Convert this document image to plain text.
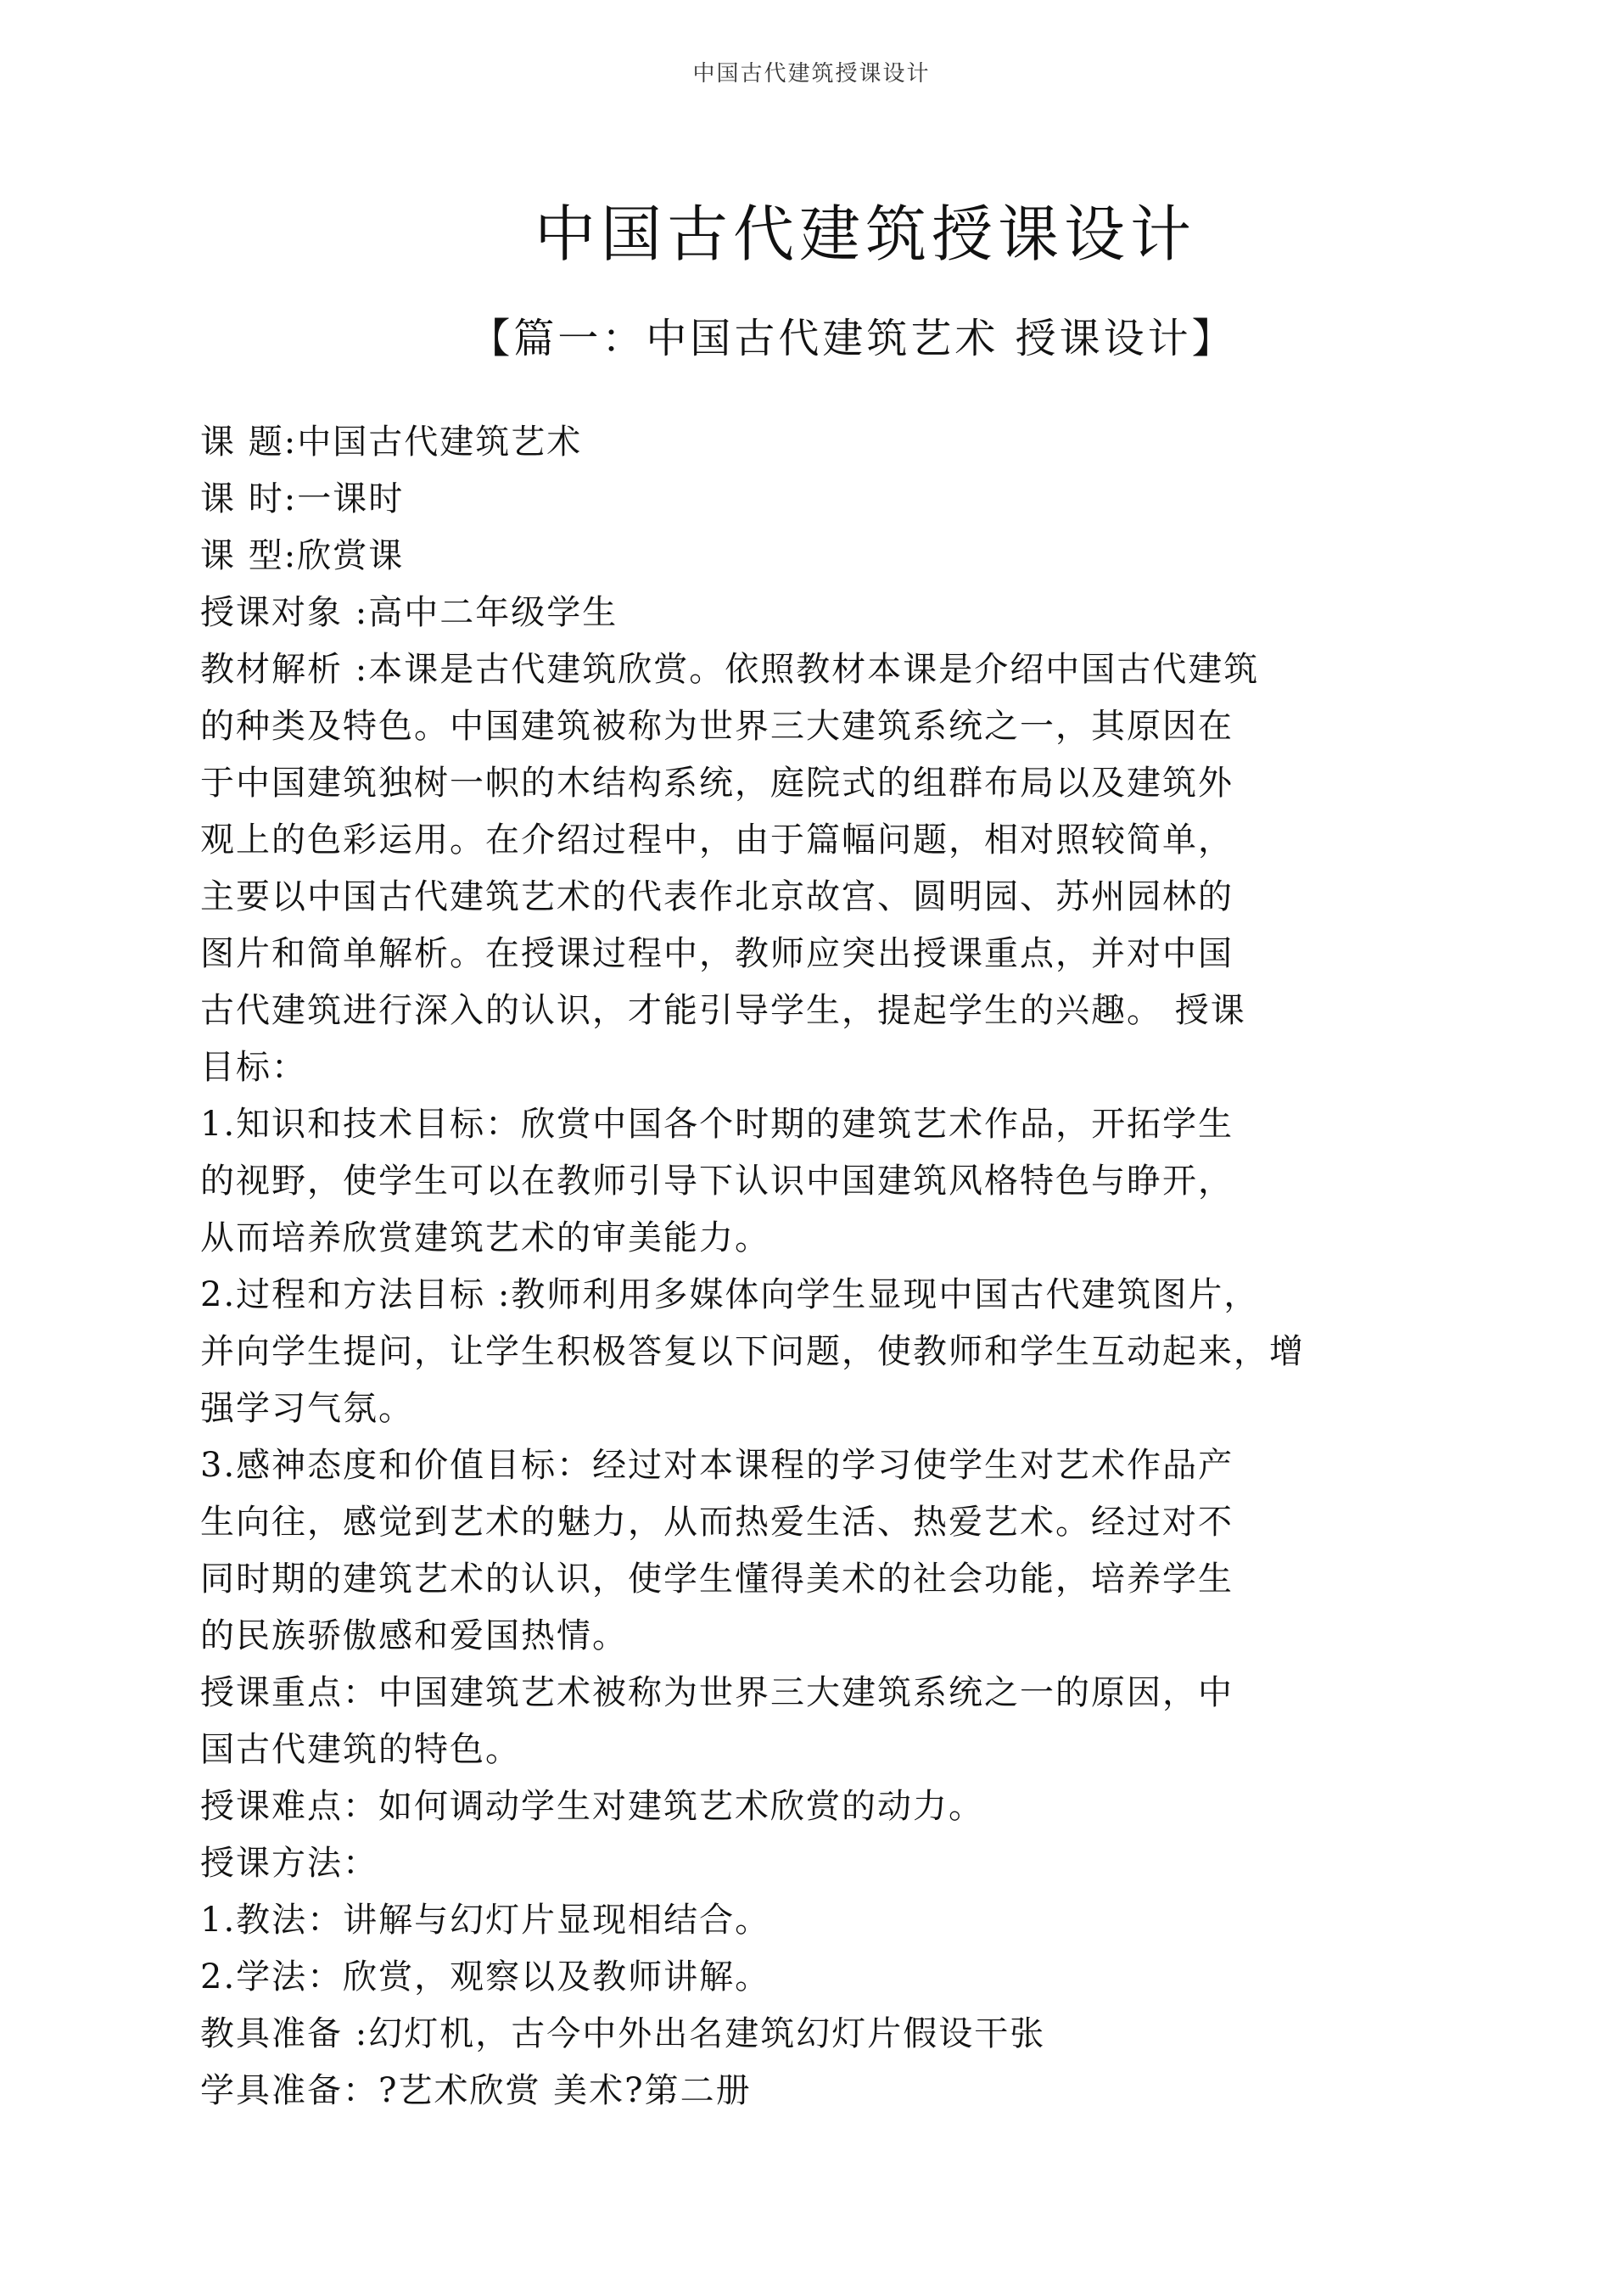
中国古代建筑授课设计
中国古代建筑授课设计
【篇一：中国古代建筑艺术 授课设计】
课 题:中国古代建筑艺术
课 时:一课时
课 型:欣赏课
授课对象 :高中二年级学生
教材解析 :本课是古代建筑欣赏。依照教材本课是介绍中国古代建筑
的种类及特色。中国建筑被称为世界三大建筑系统之一，其原因在
于中国建筑独树一帜的木结构系统，庭院式的组群布局以及建筑外
观上的色彩运用。在介绍过程中，由于篇幅问题，相对照较简单，
主要以中国古代建筑艺术的代表作北京故宫、圆明园、苏州园林的
图片和简单解析。在授课过程中，教师应突出授课重点，并对中国
古代建筑进行深入的认识，才能引导学生，提起学生的兴趣。 授课
目标：
1.知识和技术目标：欣赏中国各个时期的建筑艺术作品，开拓学生
的视野，使学生可以在教师引导下认识中国建筑风格特色与睁开，
从而培养欣赏建筑艺术的审美能力。
2.过程和方法目标 :教师利用多媒体向学生显现中国古代建筑图片，
并向学生提问，让学生积极答复以下问题，使教师和学生互动起来，增
强学习气氛。
3.感神态度和价值目标：经过对本课程的学习使学生对艺术作品产
生向往，感觉到艺术的魅力，从而热爱生活、热爱艺术。经过对不
同时期的建筑艺术的认识，使学生懂得美术的社会功能，培养学生
的民族骄傲感和爱国热情。
授课重点：中国建筑艺术被称为世界三大建筑系统之一的原因，中
国古代建筑的特色。
授课难点：如何调动学生对建筑艺术欣赏的动力。
授课方法：
1.教法：讲解与幻灯片显现相结合。
2.学法：欣赏，观察以及教师讲解。
教具准备 :幻灯机，古今中外出名建筑幻灯片假设干张
学具准备：?艺术欣赏 美术?第二册
